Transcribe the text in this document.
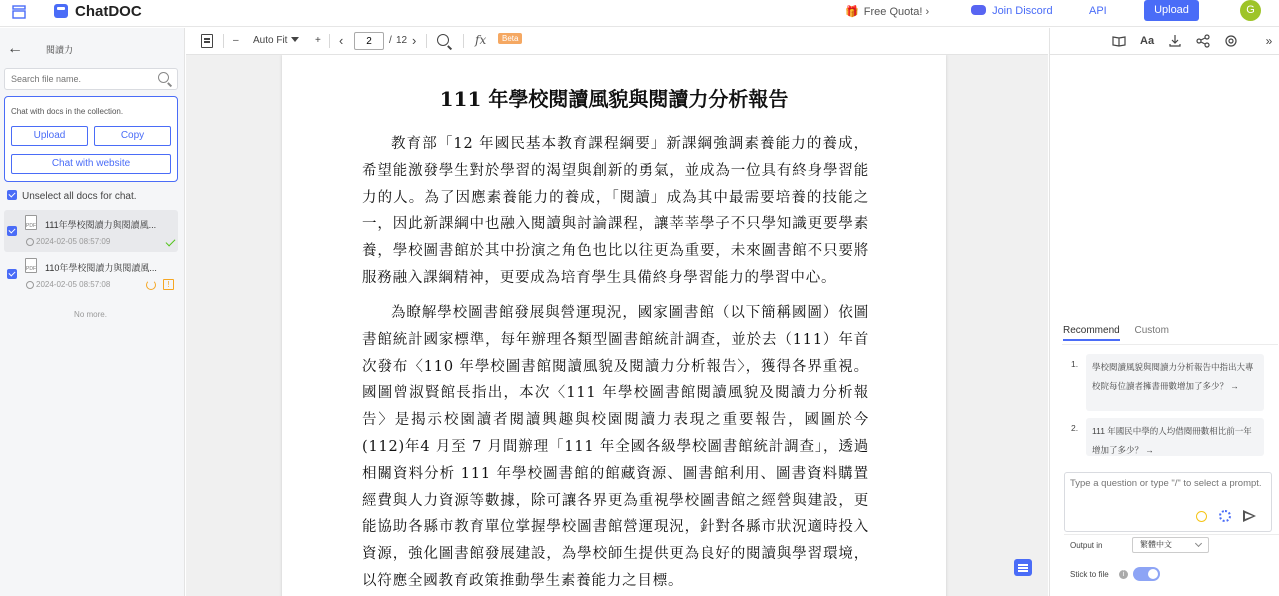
ChatDOC	🎁 Free Quota! ›	Join Discord	API	Upload	G
←	閱讀力
Search file name.
Chat with docs in the collection.
Upload	Copy
Chat with website
Unselect all docs for chat.
PDF 111年學校閱讀力與閱讀風...
2024-02-05 08:57:09
PDF 110年學校閱讀力與閱讀風...
2024-02-05 08:57:08	!
No more.
– Auto Fit	+ ‹
2	/ 12 ›	fx	Beta
111 年學校閱讀風貌與閱讀力分析報告

教育部「12 年國民基本教育課程綱要」新課綱強調素養能力的養成，希望能激發學生對於學習的渴望與創新的勇氣，並成為一位具有終身學習能力的人。為了因應素養能力的養成，「閱讀」成為其中最需要培養的技能之一，因此新課綱中也融入閱讀與討論課程，讓莘莘學子不只學知識更要學素養，學校圖書館於其中扮演之角色也比以往更為重要，未來圖書館不只要將服務融入課綱精神，更要成為培育學生具備終身學習能力的學習中心。

為瞭解學校圖書館發展與營運現況，國家圖書館（以下簡稱國圖）依圖書館統計國家標準，每年辦理各類型圖書館統計調查，並於去（111）年首次發布〈110 年學校圖書館閱讀風貌及閱讀力分析報告〉，獲得各界重視。國圖曾淑賢館長指出，本次〈111 年學校圖書館閱讀風貌及閱讀力分析報告〉是揭示校園讀者閱讀興趣與校園閱讀力表現之重要報告，國圖於今(112)年4 月至 7 月間辦理「111 年全國各級學校圖書館統計調查」，透過相關資料分析 111 年學校圖書館的館藏資源、圖書館利用、圖書資料購置經費與人力資源等數據，除可讓各界更為重視學校圖書館之經營與建設，更能協助各縣市教育單位掌握學校圖書館營運現況，針對各縣市狀況適時投入資源，強化圖書館發展建設，為學校師生提供更為良好的閱讀與學習環境，以符應全國教育政策推動學生素養能力之目標。

Aa	»
Recommend Custom
1.	學校閱讀風貌與閱讀力分析報告中指出大專校院每位讀者擁書冊數增加了多少？ →
2.	111 年國民中學的人均借閱冊數相比前一年增加了多少？ →
Type a question or type "/" to select a prompt.
Output in	繁體中文
Stick to file	i
